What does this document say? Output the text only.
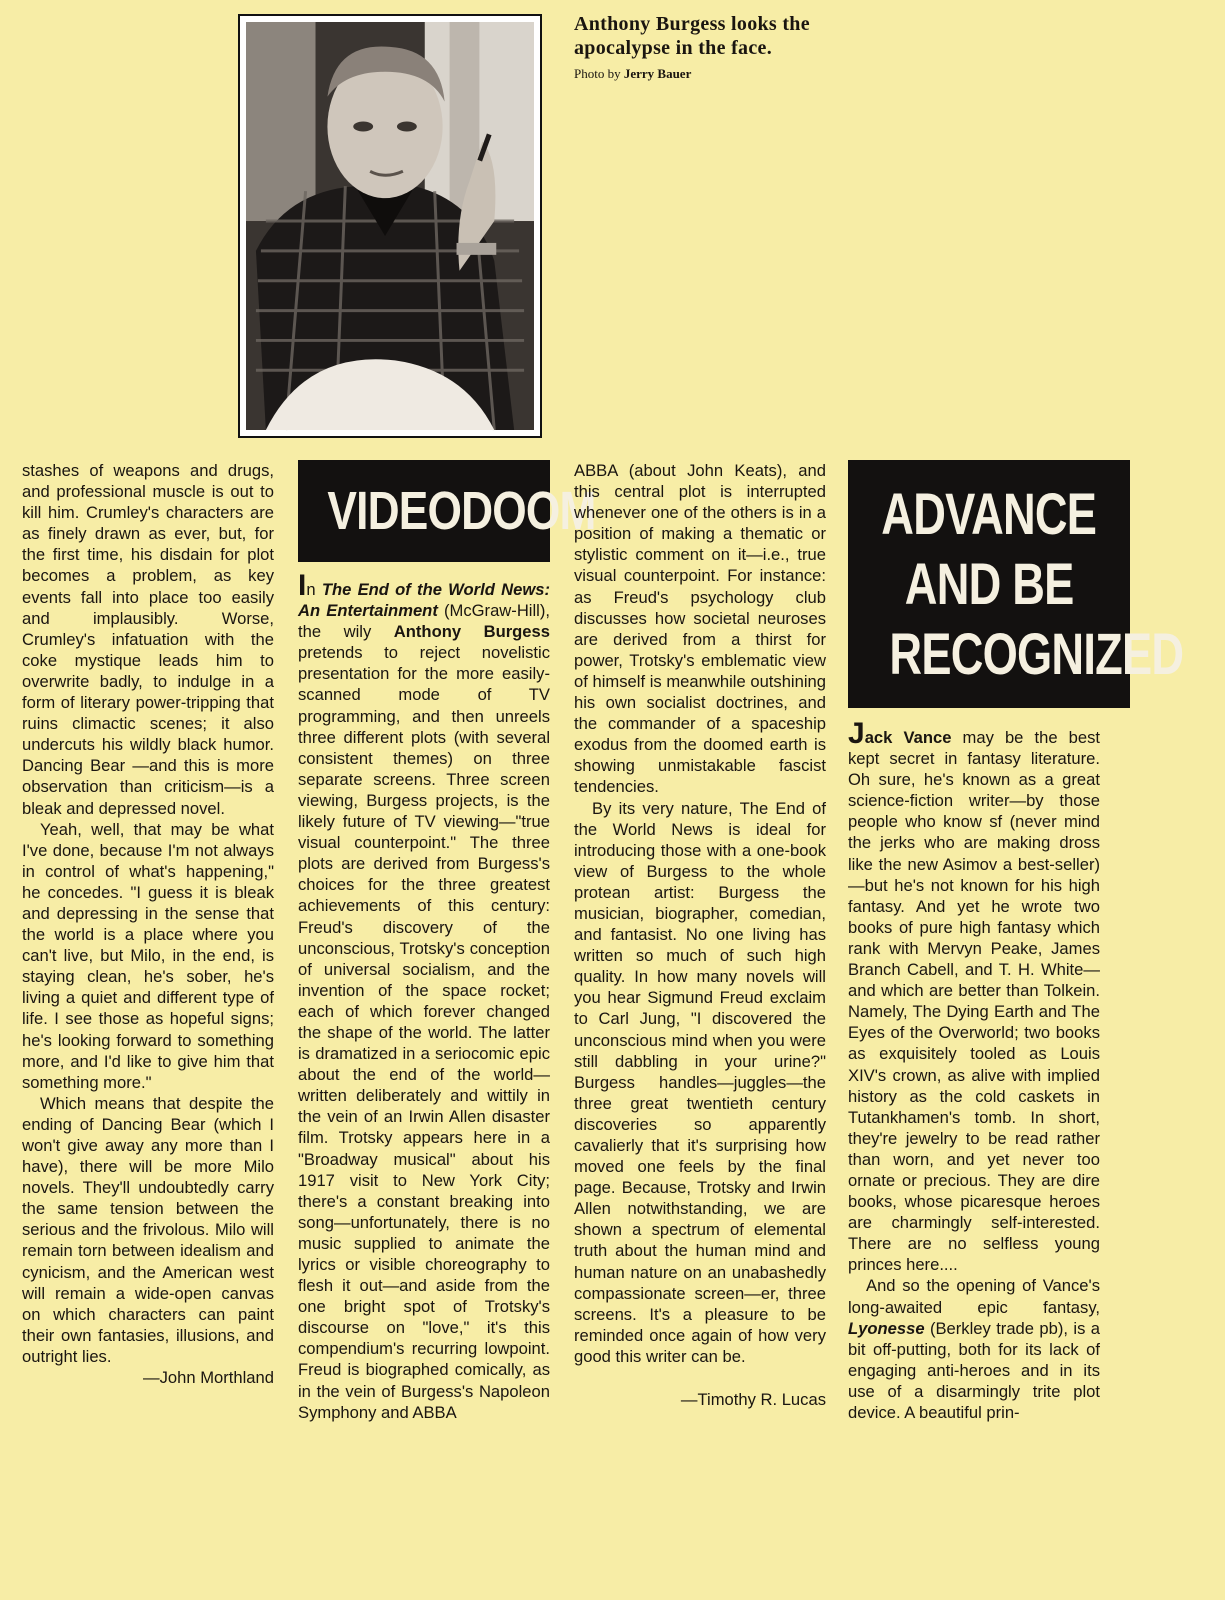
Anthony Burgess looks the apocalypse in the face.

Photo by Jerry Bauer

stashes of weapons and drugs, and professional muscle is out to kill him. Crumley's characters are as finely drawn as ever, but, for the first time, his disdain for plot becomes a problem, as key events fall into place too easily and implausibly. Worse, Crumley's infatuation with the coke mystique leads him to overwrite badly, to indulge in a form of literary power-tripping that ruins climactic scenes; it also undercuts his wildly black humor. Dancing Bear —and this is more observation than criticism—is a bleak and depressed novel.

Yeah, well, that may be what I've done, because I'm not always in control of what's happening," he concedes. "I guess it is bleak and depressing in the sense that the world is a place where you can't live, but Milo, in the end, is staying clean, he's sober, he's living a quiet and different type of life. I see those as hopeful signs; he's looking forward to something more, and I'd like to give him that something more."

Which means that despite the ending of Dancing Bear (which I won't give away any more than I have), there will be more Milo novels. They'll undoubtedly carry the same tension between the serious and the frivolous. Milo will remain torn between idealism and cynicism, and the American west will remain a wide-open canvas on which characters can paint their own fantasies, illusions, and outright lies.

—John Morthland

VIDEODOOM

In The End of the World News: An Entertainment (McGraw-Hill), the wily Anthony Burgess pretends to reject novelistic presentation for the more easily-scanned mode of TV programming, and then unreels three different plots (with several consistent themes) on three separate screens. Three screen viewing, Burgess projects, is the likely future of TV viewing—"true visual counterpoint." The three plots are derived from Burgess's choices for the three greatest achievements of this century: Freud's discovery of the unconscious, Trotsky's conception of universal socialism, and the invention of the space rocket; each of which forever changed the shape of the world. The latter is dramatized in a seriocomic epic about the end of the world—written deliberately and wittily in the vein of an Irwin Allen disaster film. Trotsky appears here in a "Broadway musical" about his 1917 visit to New York City; there's a constant breaking into song—unfortunately, there is no music supplied to animate the lyrics or visible choreography to flesh it out—and aside from the one bright spot of Trotsky's discourse on "love," it's this compendium's recurring lowpoint. Freud is biographed comically, as in the vein of Burgess's Napoleon Symphony and ABBA

ABBA (about John Keats), and this central plot is interrupted whenever one of the others is in a position of making a thematic or stylistic comment on it—i.e., true visual counterpoint. For instance: as Freud's psychology club discusses how societal neuroses are derived from a thirst for power, Trotsky's emblematic view of himself is meanwhile outshining his own socialist doctrines, and the commander of a spaceship exodus from the doomed earth is showing unmistakable fascist tendencies.

By its very nature, The End of the World News is ideal for introducing those with a one-book view of Burgess to the whole protean artist: Burgess the musician, biographer, comedian, and fantasist. No one living has written so much of such high quality. In how many novels will you hear Sigmund Freud exclaim to Carl Jung, "I discovered the unconscious mind when you were still dabbling in your urine?" Burgess handles—juggles—the three great twentieth century discoveries so apparently cavalierly that it's surprising how moved one feels by the final page. Because, Trotsky and Irwin Allen notwithstanding, we are shown a spectrum of elemental truth about the human mind and human nature on an unabashedly compassionate screen—er, three screens. It's a pleasure to be reminded once again of how very good this writer can be.

—Timothy R. Lucas

ADVANCE
AND BE
RECOGNIZED

Jack Vance may be the best kept secret in fantasy literature. Oh sure, he's known as a great science-fiction writer—by those people who know sf (never mind the jerks who are making dross like the new Asimov a best-seller)—but he's not known for his high fantasy. And yet he wrote two books of pure high fantasy which rank with Mervyn Peake, James Branch Cabell, and T. H. White—and which are better than Tolkein. Namely, The Dying Earth and The Eyes of the Overworld; two books as exquisitely tooled as Louis XIV's crown, as alive with implied history as the cold caskets in Tutankhamen's tomb. In short, they're jewelry to be read rather than worn, and yet never too ornate or precious. They are dire books, whose picaresque heroes are charmingly self-interested. There are no selfless young princes here....

And so the opening of Vance's long-awaited epic fantasy, Lyonesse (Berkley trade pb), is a bit off-putting, both for its lack of engaging anti-heroes and in its use of a disarmingly trite plot device. A beautiful prin-
